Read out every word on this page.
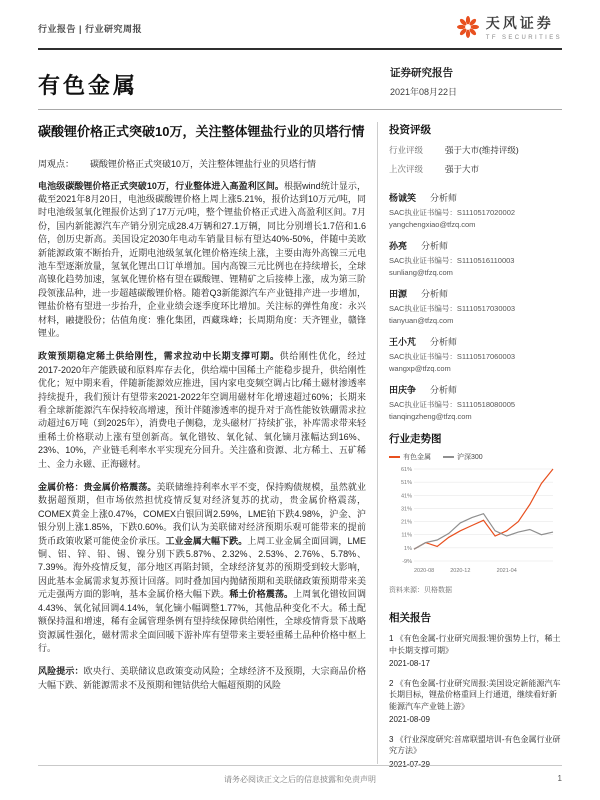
行业报告 | 行业研究周报	天风证券
TF SECURITIES
有色金属	证券研究报告
2021年08月22日
碳酸锂价格正式突破10万，关注整体锂盐行业的贝塔行情
周观点： 碳酸锂价格正式突破10万，关注整体锂盐行业的贝塔行情

电池级碳酸锂价格正式突破10万，行业整体进入高盈利区间。根据wind统计显示，截至2021年8月20日，电池级碳酸锂价格上周上涨5.21%，报价达到10万元/吨，同时电池级氢氧化锂报价达到了17万元/吨，整个锂盐价格正式进入高盈利区间。7月份，国内新能源汽车产销分别完成28.4万辆和27.1万辆，同比分别增长1.7倍和1.6倍，创历史新高。美国设定2030年电动车销量目标有望达40%-50%，伴随中美欧新能源政策不断抬升，近期电池级氢氧化锂价格连续上涨，主要由海外高镍三元电池车型逐渐放量，氢氧化锂出口订单增加。国内高镍三元比例也在持续增长，全球高镍化趋势加速，氢氧化锂价格有望在碳酸锂、锂精矿之后接棒上涨，成为第三阶段领涨品种，进一步超越碳酸锂价格。随着Q3新能源汽车产业链排产进一步增加，锂盐价格有望进一步抬升，企业业绩会逐季度环比增加。关注标的弹性角度：永兴材料，融捷股份；估值角度：雅化集团，西藏珠峰；长周期角度：天齐锂业，赣锋锂业。

政策预期稳定稀土供给刚性，需求拉动中长期支撑可期。供给刚性优化，经过2017-2020年产能跌破和原料库存去化，供给端中国稀土产能稳步提升，供给刚性优化；短中期来看，伴随新能源效应推进，国内家电变频空调占比/稀土磁材渗透率持续提升，我们预计有望带来2021-2022年空调用磁材年化增速超过60%；长期来看全球新能源汽车保持较高增速，预计伴随渗透率的提升对于高性能钕铁硼需求拉动超过6万吨（到2025年），消费电子侧稳，龙头磁材厂持续扩张，补库需求带来轻重稀土价格联动上涨有望创新高。氧化镨钕、氧化铽、氧化镝月涨幅达到16%、23%、10%，产业链毛利率水平实现充分回升。关注盛和资源、北方稀土、五矿稀土、金力永磁、正海磁材。

金属价格：贵金属价格震荡。美联储维持利率水平不变，保持购债规模，虽然就业数据超预期，但市场依然担忧疫情反复对经济复苏的扰动，贵金属价格震荡，COMEX黄金上涨0.47%，COMEX白银回调2.59%，LME铂下跌4.98%，沪金、沪银分别上涨1.85%，下跌0.60%。我们认为美联储对经济预期乐观可能带来的提前货币政策收紧可能使金价承压。工业金属大幅下跌。上周工业金属全面回调，LME铜、铝、锌、铅、锡、镍分别下跌5.87%、2.32%、2.53%、2.76%、5.78%、7.39%。海外疫情反复，部分地区再陷封锁，全球经济复苏的预期受到较大影响，因此基本金属需求复苏预计回落。同时叠加国内抛储预期和美联储政策预期带来美元走强两方面的影响，基本金属价格大幅下跌。稀土价格震荡。上周氧化镨钕回调4.43%、氧化铽回调4.14%，氧化镝小幅调整1.77%，其他品种变化不大。稀土配额保持温和增速，稀有金属管理条例有望持续保障供给刚性，全球疫情背景下战略资源属性强化，磁材需求全面回暖下游补库有望带来主要轻重稀土品种价格中枢上行。

风险提示：欧央行、美联储议息政策变动风险；全球经济不及预期，大宗商品价格大幅下跌、新能源需求不及预期和锂钴供给大幅超预期的风险

投资评级
行业评级	强于大市(维持评级)
上次评级	强于大市
杨诚笑 分析师
SAC执业证书编号：S1110517020002
yangchengxiao@tfzq.com
孙亮 分析师
SAC执业证书编号：S1110516110003
sunliang@tfzq.com
田源 分析师
SAC执业证书编号：S1110517030003
tianyuan@tfzq.com
王小芃 分析师
SAC执业证书编号：S1110517060003
wangxp@tfzq.com
田庆争 分析师
SAC执业证书编号：S1110518080005
tianqingzheng@tfzq.com
行业走势图
有色金属	沪深300
61%
51%
41%
31%
21%
11%
1%
-9%
2020-08	2020-12	2021-04
资料来源：贝格数据
相关报告
1 《有色金属-行业研究周报:锂价强势上行，稀土中长期支撑可期》
2021-08-17
2 《有色金属-行业研究周报:美国设定新能源汽车长期目标，锂盐价格重回上行通道，继续看好新能源汽车产业链上游》
2021-08-09
3 《行业深度研究:首席联盟培训-有色金属行业研究方法》
2021-07-29
请务必阅读正文之后的信息披露和免责声明	1
